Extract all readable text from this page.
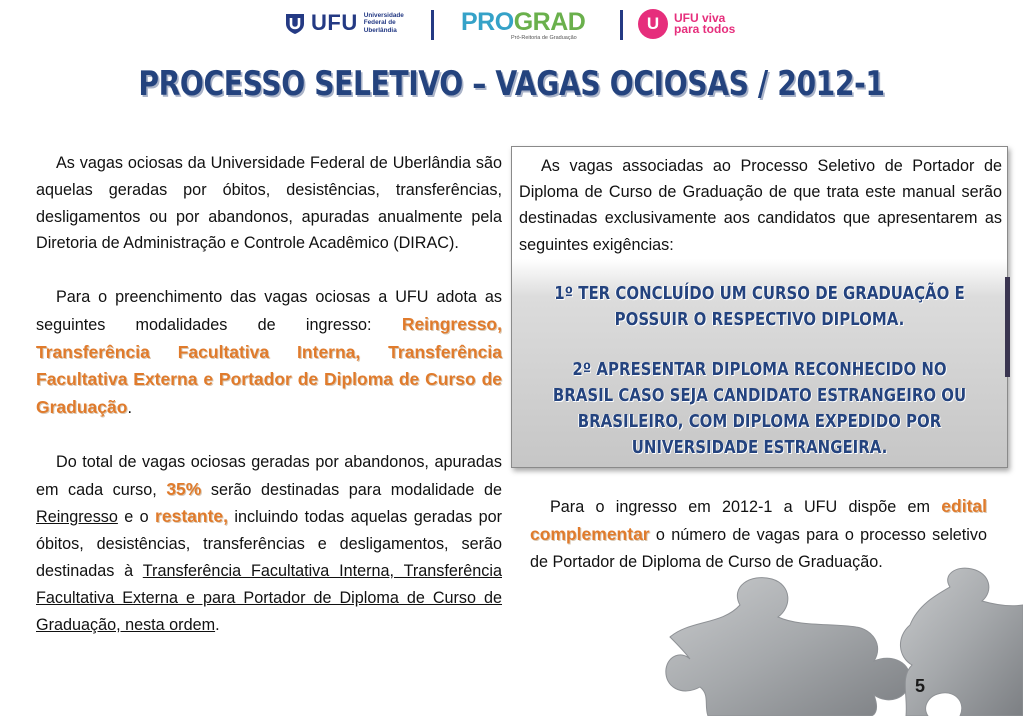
UFU Universidade Federal de Uberlândia	PROGRAD
Pró-Reitoria de Graduação
U	UFU viva
para todos
PROCESSO SELETIVO – VAGAS OCIOSAS / 2012-1

As vagas ociosas da Universidade Federal de Uberlândia são aquelas geradas por óbitos, desistências, transferências, desligamentos ou por abandonos, apuradas anualmente pela Diretoria de Administração e Controle Acadêmico (DIRAC).

Para o preenchimento das vagas ociosas a UFU adota as seguintes modalidades de ingresso: Reingresso, Transferência Facultativa Interna, Transferência Facultativa Externa e Portador de Diploma de Curso de Graduação.

Do total de vagas ociosas geradas por abandonos, apuradas em cada curso, 35% serão destinadas para modalidade de Reingresso e o restante, incluindo todas aquelas geradas por óbitos, desistências, transferências e desligamentos, serão destinadas à Transferência Facultativa Interna, Transferência Facultativa Externa e para Portador de Diploma de Curso de Graduação, nesta ordem.

As vagas associadas ao Processo Seletivo de Portador de Diploma de Curso de Graduação de que trata este manual serão destinadas exclusivamente aos candidatos que apresentarem as seguintes exigências:

1º TER CONCLUÍDO UM CURSO DE GRADUAÇÃO E POSSUIR O RESPECTIVO DIPLOMA.

2º APRESENTAR DIPLOMA RECONHECIDO NO BRASIL CASO SEJA CANDIDATO ESTRANGEIRO OU BRASILEIRO, COM DIPLOMA EXPEDIDO POR UNIVERSIDADE ESTRANGEIRA.

Para o ingresso em 2012-1 a UFU dispõe em edital complementar o número de vagas para o processo seletivo de Portador de Diploma de Curso de Graduação.

5
